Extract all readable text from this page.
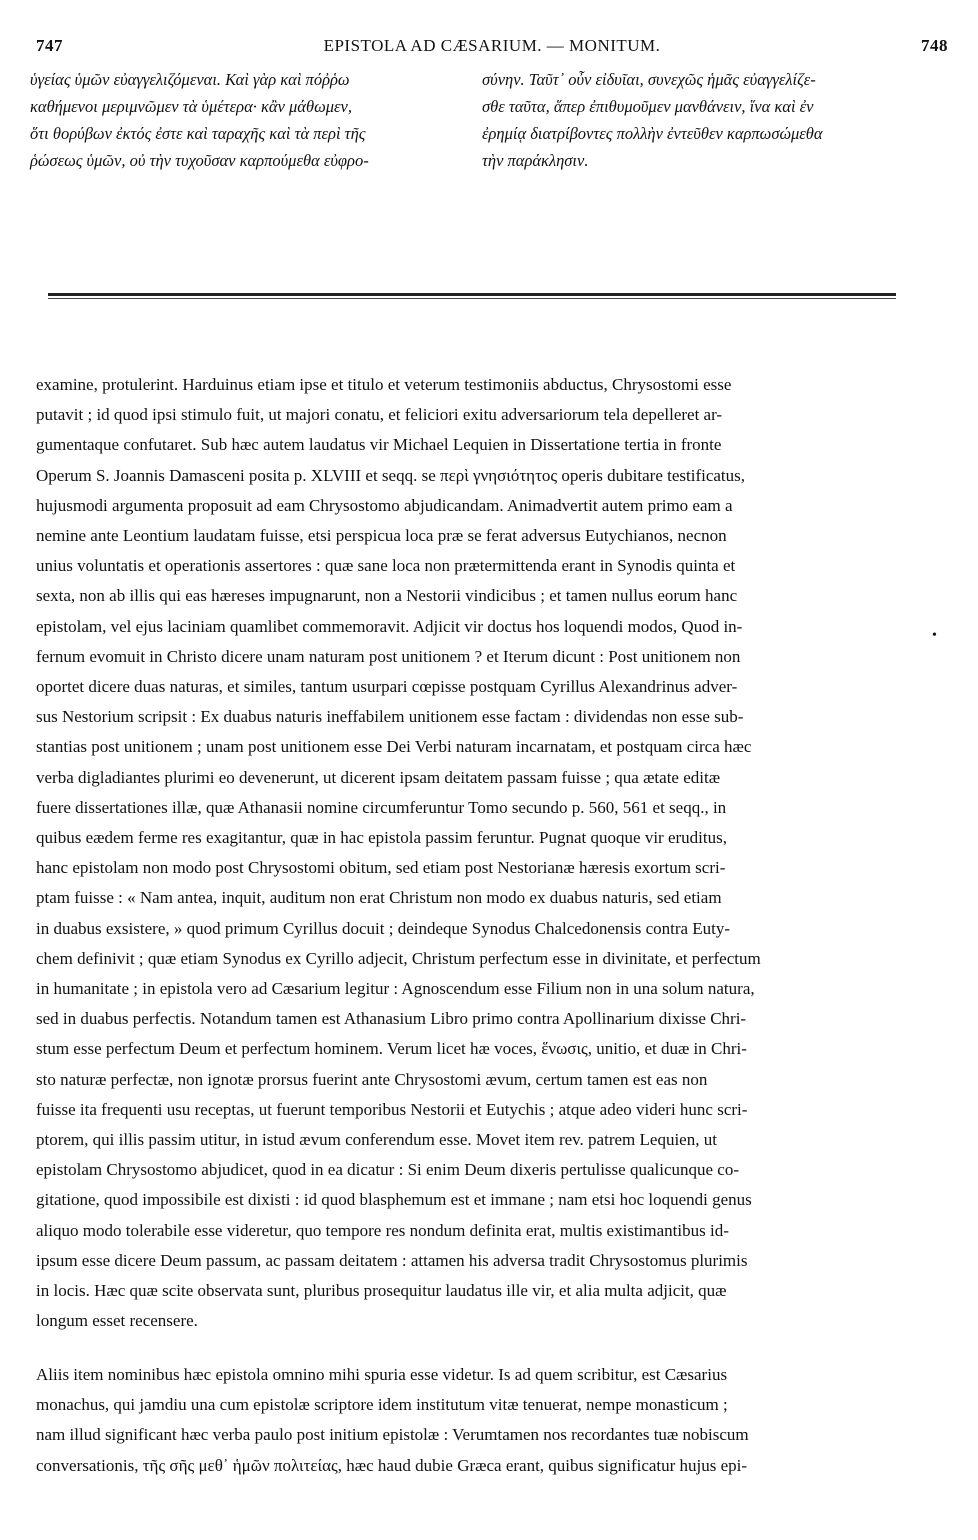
747	EPISTOLA AD CÆSARIUM. — MONITUM.	748
ὑγείας ὑμῶν εὐαγγελιζόμεναι. Καὶ γὰρ καὶ πόῤῥω
καθήμενοι μεριμνῶμεν τὰ ὑμέτερα· κἂν μάθωμεν,
ὅτι θορύβων ἐκτός ἐστε καὶ ταραχῆς καὶ τὰ περὶ τῆς
ῥώσεως ὑμῶν, οὐ τὴν τυχοῦσαν καρπούμεθα εὐφρο-
σύνην. Ταῦτ᾽ οὖν εἰδυῖαι, συνεχῶς ἡμᾶς εὐαγγελίζε-
σθε ταῦτα, ἅπερ ἐπιθυμοῦμεν μανθάνειν, ἵνα καὶ ἐν
ἐρημίᾳ διατρίβοντες πολλὴν ἐντεῦθεν καρπωσώμεθα
τὴν παράκλησιν.
examine, protulerint. Harduinus etiam ipse et titulo et veterum testimoniis abductus, Chrysostomi esse
putavit ; id quod ipsi stimulo fuit, ut majori conatu, et feliciori exitu adversariorum tela depelleret ar-
gumentaque confutaret. Sub hæc autem laudatus vir Michael Lequien in Dissertatione tertia in fronte
Operum S. Joannis Damasceni posita p. XLVIII et seqq. se περὶ γνησιότητος operis dubitare testificatus,
hujusmodi argumenta proposuit ad eam Chrysostomo abjudicandam. Animadvertit autem primo eam a
nemine ante Leontium laudatam fuisse, etsi perspicua loca præ se ferat adversus Eutychianos, necnon
unius voluntatis et operationis assertores : quæ sane loca non prætermittenda erant in Synodis quinta et
sexta, non ab illis qui eas hæreses impugnarunt, non a Nestorii vindicibus ; et tamen nullus eorum hanc
epistolam, vel ejus laciniam quamlibet commemoravit. Adjicit vir doctus hos loquendi modos, Quod in-
fernum evomuit in Christo dicere unam naturam post unitionem ? et Iterum dicunt : Post unitionem non
oportet dicere duas naturas, et similes, tantum usurpari cœpisse postquam Cyrillus Alexandrinus adver-
sus Nestorium scripsit : Ex duabus naturis ineffabilem unitionem esse factam : dividendas non esse sub-
stantias post unitionem ; unam post unitionem esse Dei Verbi naturam incarnatam, et postquam circa hæc
verba digladiantes plurimi eo devenerunt, ut dicerent ipsam deitatem passam fuisse ; qua ætate editæ
fuere dissertationes illæ, quæ Athanasii nomine circumferuntur Tomo secundo p. 560, 561 et seqq., in
quibus eædem ferme res exagitantur, quæ in hac epistola passim feruntur. Pugnat quoque vir eruditus,
hanc epistolam non modo post Chrysostomi obitum, sed etiam post Nestorianæ hæresis exortum scri-
ptam fuisse : « Nam antea, inquit, auditum non erat Christum non modo ex duabus naturis, sed etiam
in duabus exsistere, » quod primum Cyrillus docuit ; deindeque Synodus Chalcedonensis contra Euty-
chem definivit ; quæ etiam Synodus ex Cyrillo adjecit, Christum perfectum esse in divinitate, et perfectum
in humanitate ; in epistola vero ad Cæsarium legitur : Agnoscendum esse Filium non in una solum natura,
sed in duabus perfectis. Notandum tamen est Athanasium Libro primo contra Apollinarium dixisse Chri-
stum esse perfectum Deum et perfectum hominem. Verum licet hæ voces, ἕνωσις, unitio, et duæ in Chri-
sto naturæ perfectæ, non ignotæ prorsus fuerint ante Chrysostomi ævum, certum tamen est eas non
fuisse ita frequenti usu receptas, ut fuerunt temporibus Nestorii et Eutychis ; atque adeo videri hunc scri-
ptorem, qui illis passim utitur, in istud ævum conferendum esse. Movet item rev. patrem Lequien, ut
epistolam Chrysostomo abjudicet, quod in ea dicatur : Si enim Deum dixeris pertulisse qualicunque co-
gitatione, quod impossibile est dixisti : id quod blasphemum est et immane ; nam etsi hoc loquendi genus
aliquo modo tolerabile esse videretur, quo tempore res nondum definita erat, multis existimantibus id-
ipsum esse dicere Deum passum, ac passam deitatem : attamen his adversa tradit Chrysostomus plurimis
in locis. Hæc quæ scite observata sunt, pluribus prosequitur laudatus ille vir, et alia multa adjicit, quæ
longum esset recensere.
•
Aliis item nominibus hæc epistola omnino mihi spuria esse videtur. Is ad quem scribitur, est Cæsarius
monachus, qui jamdiu una cum epistolæ scriptore idem institutum vitæ tenuerat, nempe monasticum ;
nam illud significant hæc verba paulo post initium epistolæ : Verumtamen nos recordantes tuæ nobiscum
conversationis, τῆς σῆς μεθ᾽ ἡμῶν πολιτείας, hæc haud dubie Græca erant, quibus significatur hujus epi-
